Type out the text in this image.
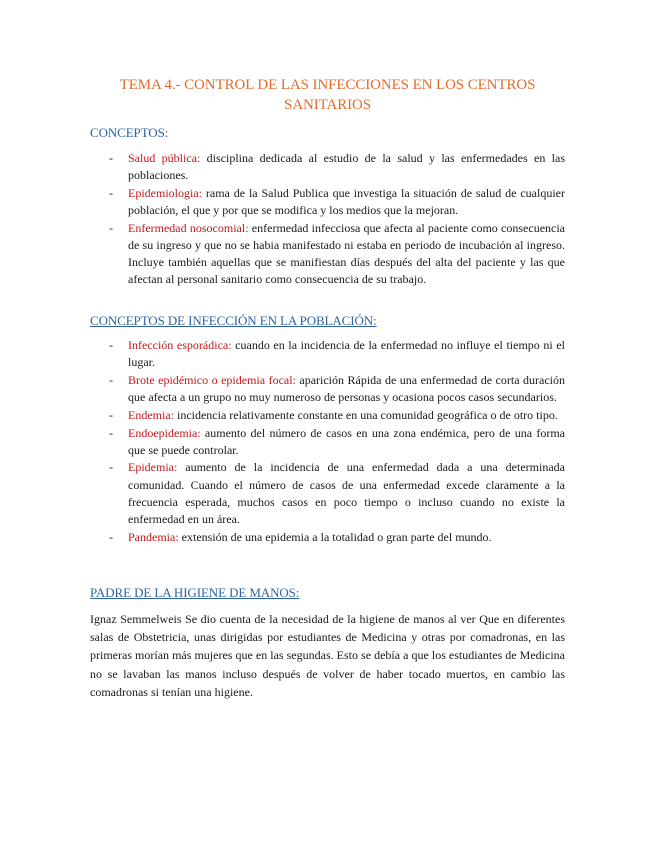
TEMA 4.- CONTROL DE LAS INFECCIONES EN LOS CENTROS SANITARIOS
CONCEPTOS:
- Salud pública: disciplina dedicada al estudio de la salud y las enfermedades en las poblaciones.
- Epidemiologia: rama de la Salud Publica que investiga la situación de salud de cualquier población, el que y por que se modifica y los medios que la mejoran.
- Enfermedad nosocomial: enfermedad infecciosa que afecta al paciente como consecuencia de su ingreso y que no se habia manifestado ni estaba en periodo de incubación al ingreso. Incluye también aquellas que se manifiestan días después del alta del paciente y las que afectan al personal sanitario como consecuencia de su trabajo.
CONCEPTOS DE INFECCIÓN EN LA POBLACIÓN:
- Infección esporádica: cuando en la incidencia de la enfermedad no influye el tiempo ni el lugar.
- Brote epidémico o epidemia focal: aparición Rápida de una enfermedad de corta duración que afecta a un grupo no muy numeroso de personas y ocasiona pocos casos secundarios.
- Endemia: incidencia relativamente constante en una comunidad geográfica o de otro tipo.
- Endoepidemia: aumento del número de casos en una zona endémica, pero de una forma que se puede controlar.
- Epidemia: aumento de la incidencia de una enfermedad dada a una determinada comunidad. Cuando el número de casos de una enfermedad excede claramente a la frecuencia esperada, muchos casos en poco tiempo o incluso cuando no existe la enfermedad en un área.
- Pandemia: extensión de una epidemia a la totalidad o gran parte del mundo.
PADRE DE LA HIGIENE DE MANOS:
Ignaz Semmelweis Se dio cuenta de la necesidad de la higiene de manos al ver Que en diferentes salas de Obstetricia, unas dirigidas por estudiantes de Medicina y otras por comadronas, en las primeras morían más mujeres que en las segundas. Esto se debía a que los estudiantes de Medicina no se lavaban las manos incluso después de volver de haber tocado muertos, en cambio las comadronas si tenían una higiene.
